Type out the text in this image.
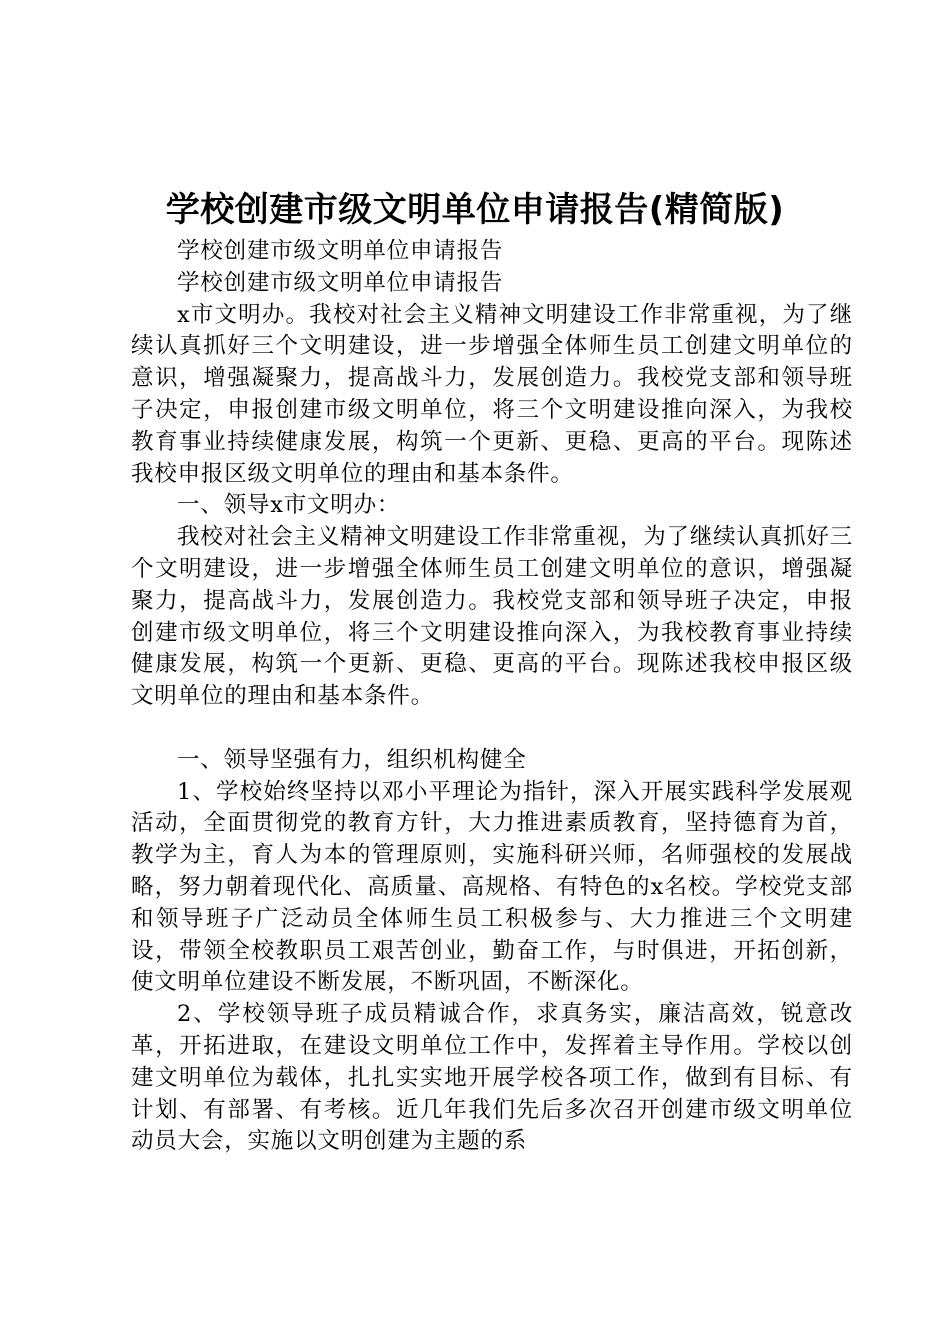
学校创建市级文明单位申请报告(精简版)

学校创建市级文明单位申请报告

学校创建市级文明单位申请报告

x市文明办。我校对社会主义精神文明建设工作非常重视，为了继续认真抓好三个文明建设，进一步增强全体师生员工创建文明单位的意识，增强凝聚力，提高战斗力，发展创造力。我校党支部和领导班子决定，申报创建市级文明单位，将三个文明建设推向深入，为我校教育事业持续健康发展，构筑一个更新、更稳、更高的平台。现陈述我校申报区级文明单位的理由和基本条件。

一、领导x市文明办：

我校对社会主义精神文明建设工作非常重视，为了继续认真抓好三个文明建设，进一步增强全体师生员工创建文明单位的意识，增强凝聚力，提高战斗力，发展创造力。我校党支部和领导班子决定，申报创建市级文明单位，将三个文明建设推向深入，为我校教育事业持续健康发展，构筑一个更新、更稳、更高的平台。现陈述我校申报区级文明单位的理由和基本条件。

一、领导坚强有力，组织机构健全

1、学校始终坚持以邓小平理论为指针，深入开展实践科学发展观活动，全面贯彻党的教育方针，大力推进素质教育，坚持德育为首，教学为主，育人为本的管理原则，实施科研兴师，名师强校的发展战略，努力朝着现代化、高质量、高规格、有特色的x名校。学校党支部和领导班子广泛动员全体师生员工积极参与、大力推进三个文明建设，带领全校教职员工艰苦创业，勤奋工作，与时俱进，开拓创新，使文明单位建设不断发展，不断巩固，不断深化。

2、学校领导班子成员精诚合作，求真务实，廉洁高效，锐意改革，开拓进取，在建设文明单位工作中，发挥着主导作用。学校以创建文明单位为载体，扎扎实实地开展学校各项工作，做到有目标、有计划、有部署、有考核。近几年我们先后多次召开创建市级文明单位动员大会，实施以文明创建为主题的系
